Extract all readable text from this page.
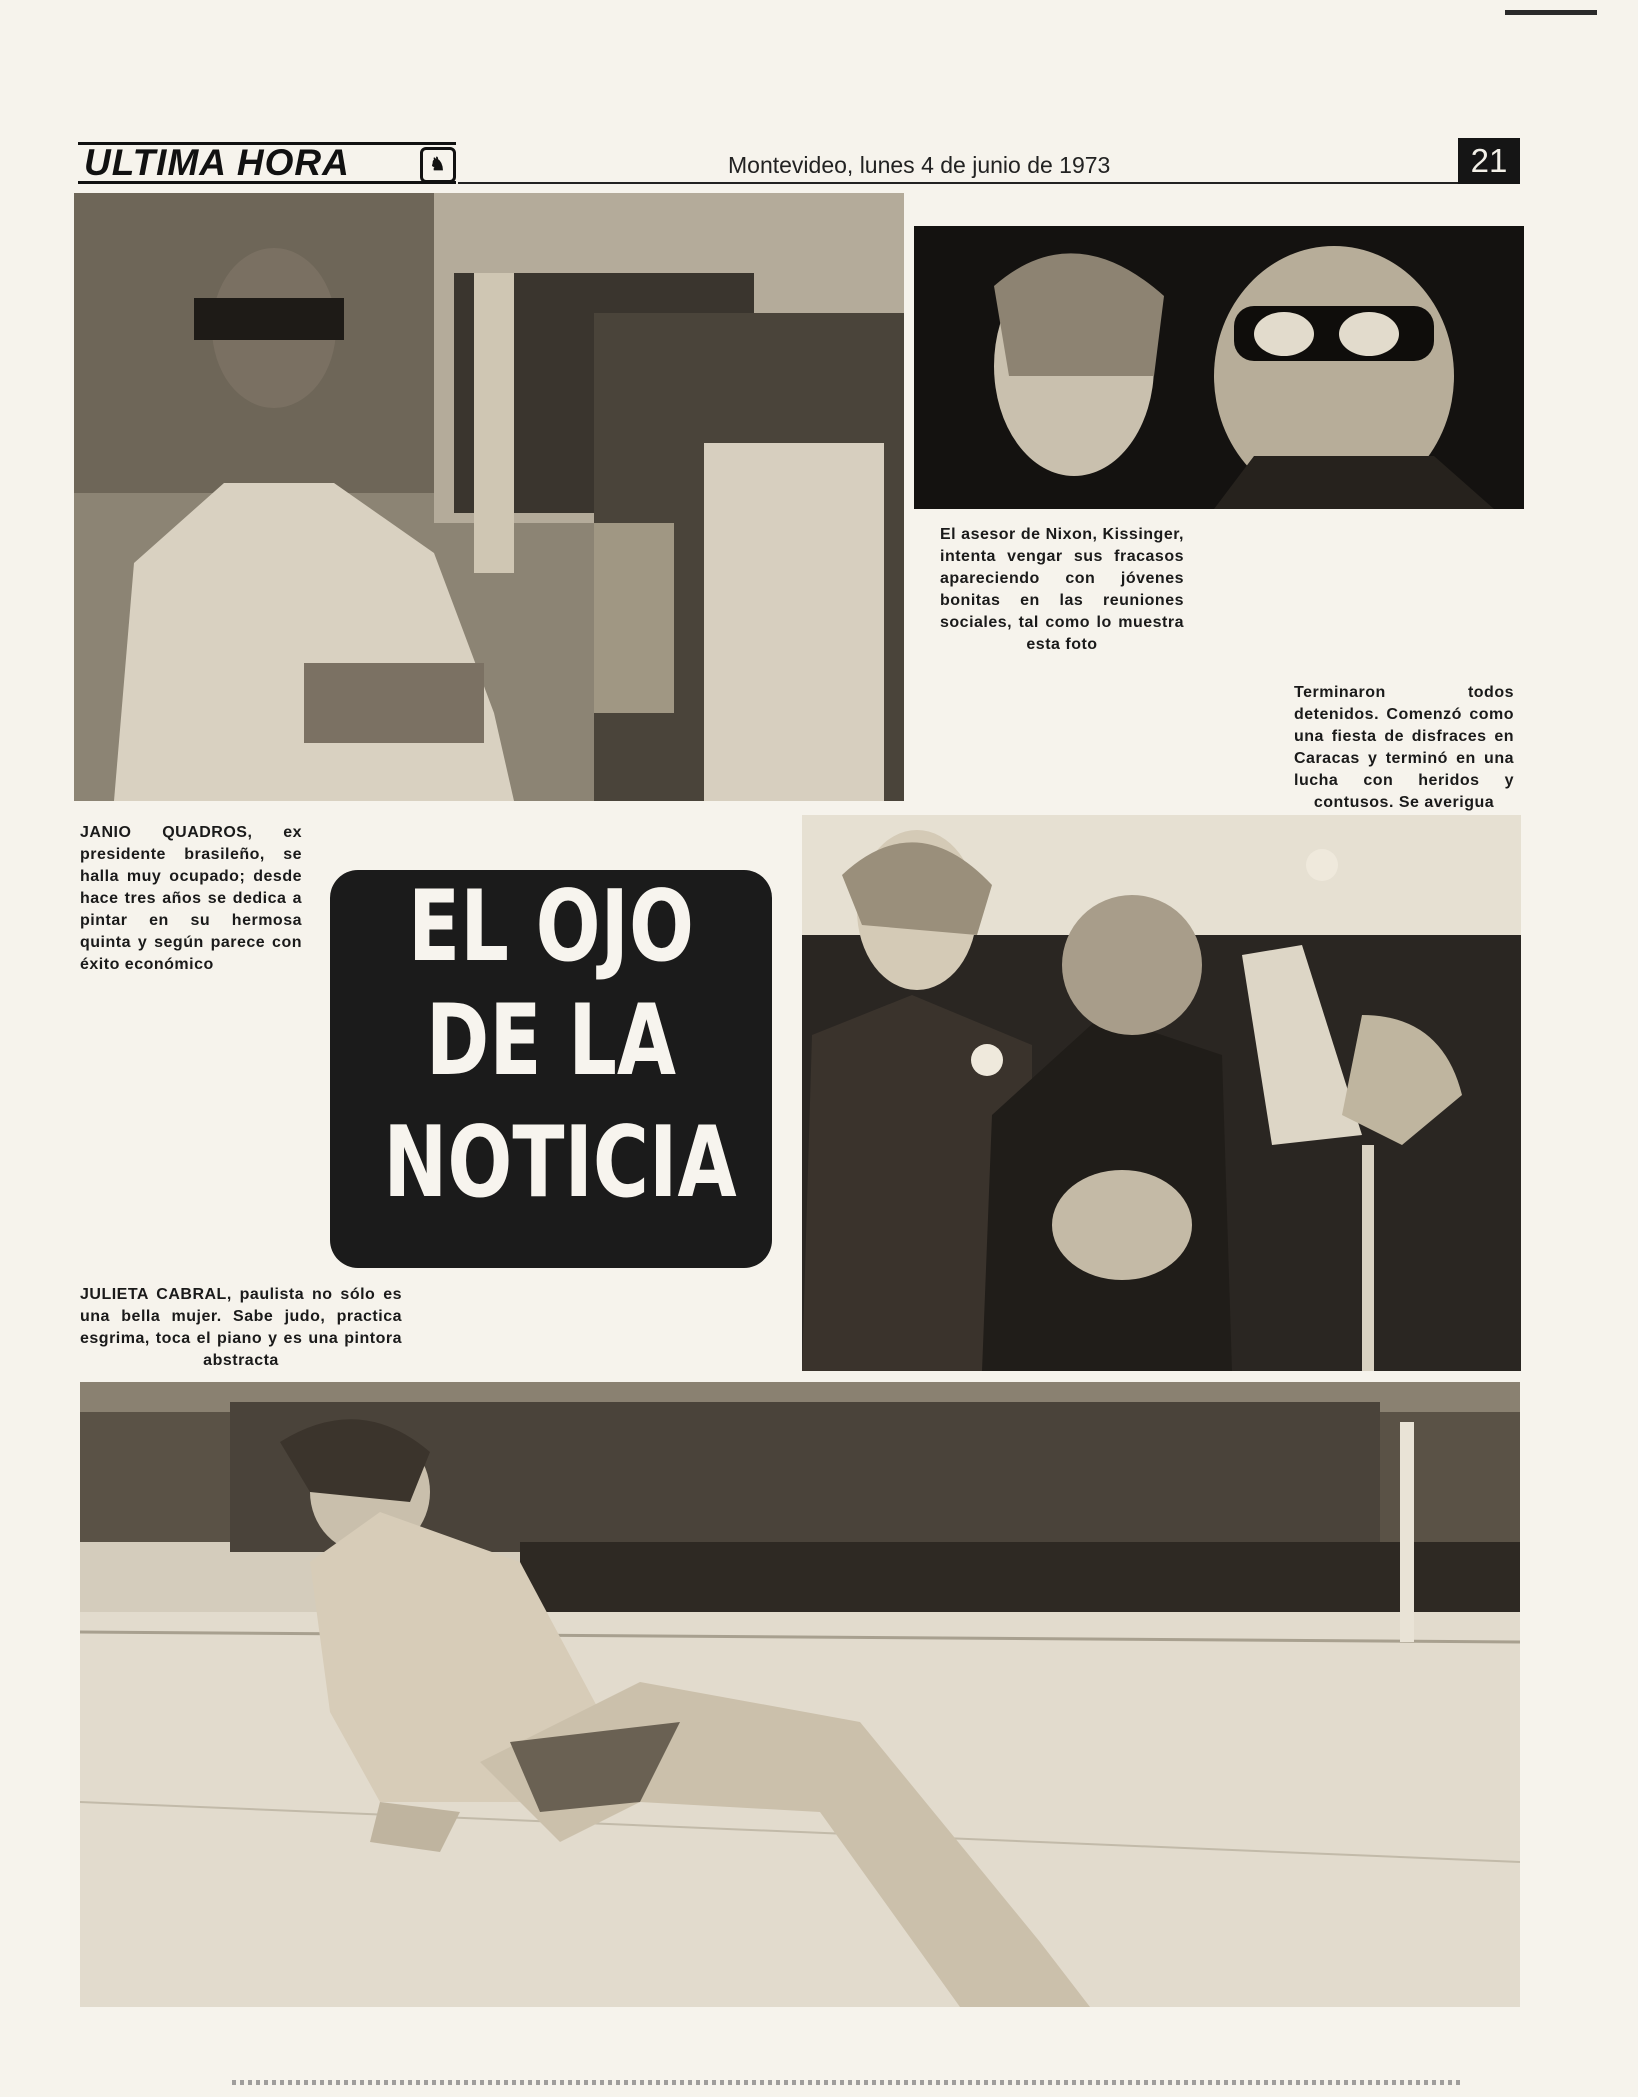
ULTIMA HORA	♞	Montevideo, lunes 4 de junio de 1973	21
El asesor de Nixon, Kissinger, intenta vengar sus fracasos apareciendo con jóvenes bonitas en las reuniones sociales, tal como lo muestra esta foto
Terminaron todos detenidos. Comenzó como una fiesta de disfraces en Caracas y terminó en una lucha con heridos y contusos. Se averigua
JANIO QUADROS, ex presidente brasileño, se halla muy ocupado; desde hace tres años se dedica a pintar en su hermosa quinta y según parece con éxito económico	EL OJO
DE LA
NOTICIA
JULIETA CABRAL, paulista no sólo es una bella mujer. Sabe judo, practica esgrima, toca el piano y es una pintora abstracta
